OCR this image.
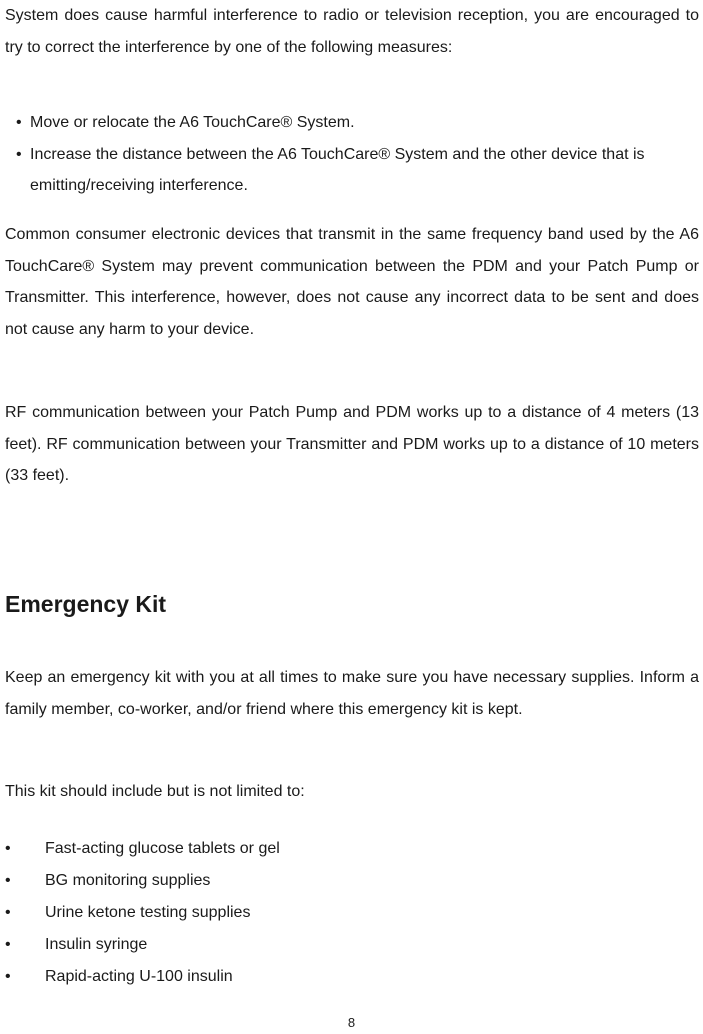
System does cause harmful interference to radio or television reception, you are encouraged to try to correct the interference by one of the following measures:

• Move or relocate the A6 TouchCare® System.
• Increase the distance between the A6 TouchCare® System and the other device that is emitting/receiving interference.

Common consumer electronic devices that transmit in the same frequency band used by the A6 TouchCare® System may prevent communication between the PDM and your Patch Pump or Transmitter. This interference, however, does not cause any incorrect data to be sent and does not cause any harm to your device.

RF communication between your Patch Pump and PDM works up to a distance of 4 meters (13 feet). RF communication between your Transmitter and PDM works up to a distance of 10 meters (33 feet).

Emergency Kit

Keep an emergency kit with you at all times to make sure you have necessary supplies. Inform a family member, co-worker, and/or friend where this emergency kit is kept.

This kit should include but is not limited to:

• Fast-acting glucose tablets or gel
• BG monitoring supplies
• Urine ketone testing supplies
• Insulin syringe
• Rapid-acting U-100 insulin
8
